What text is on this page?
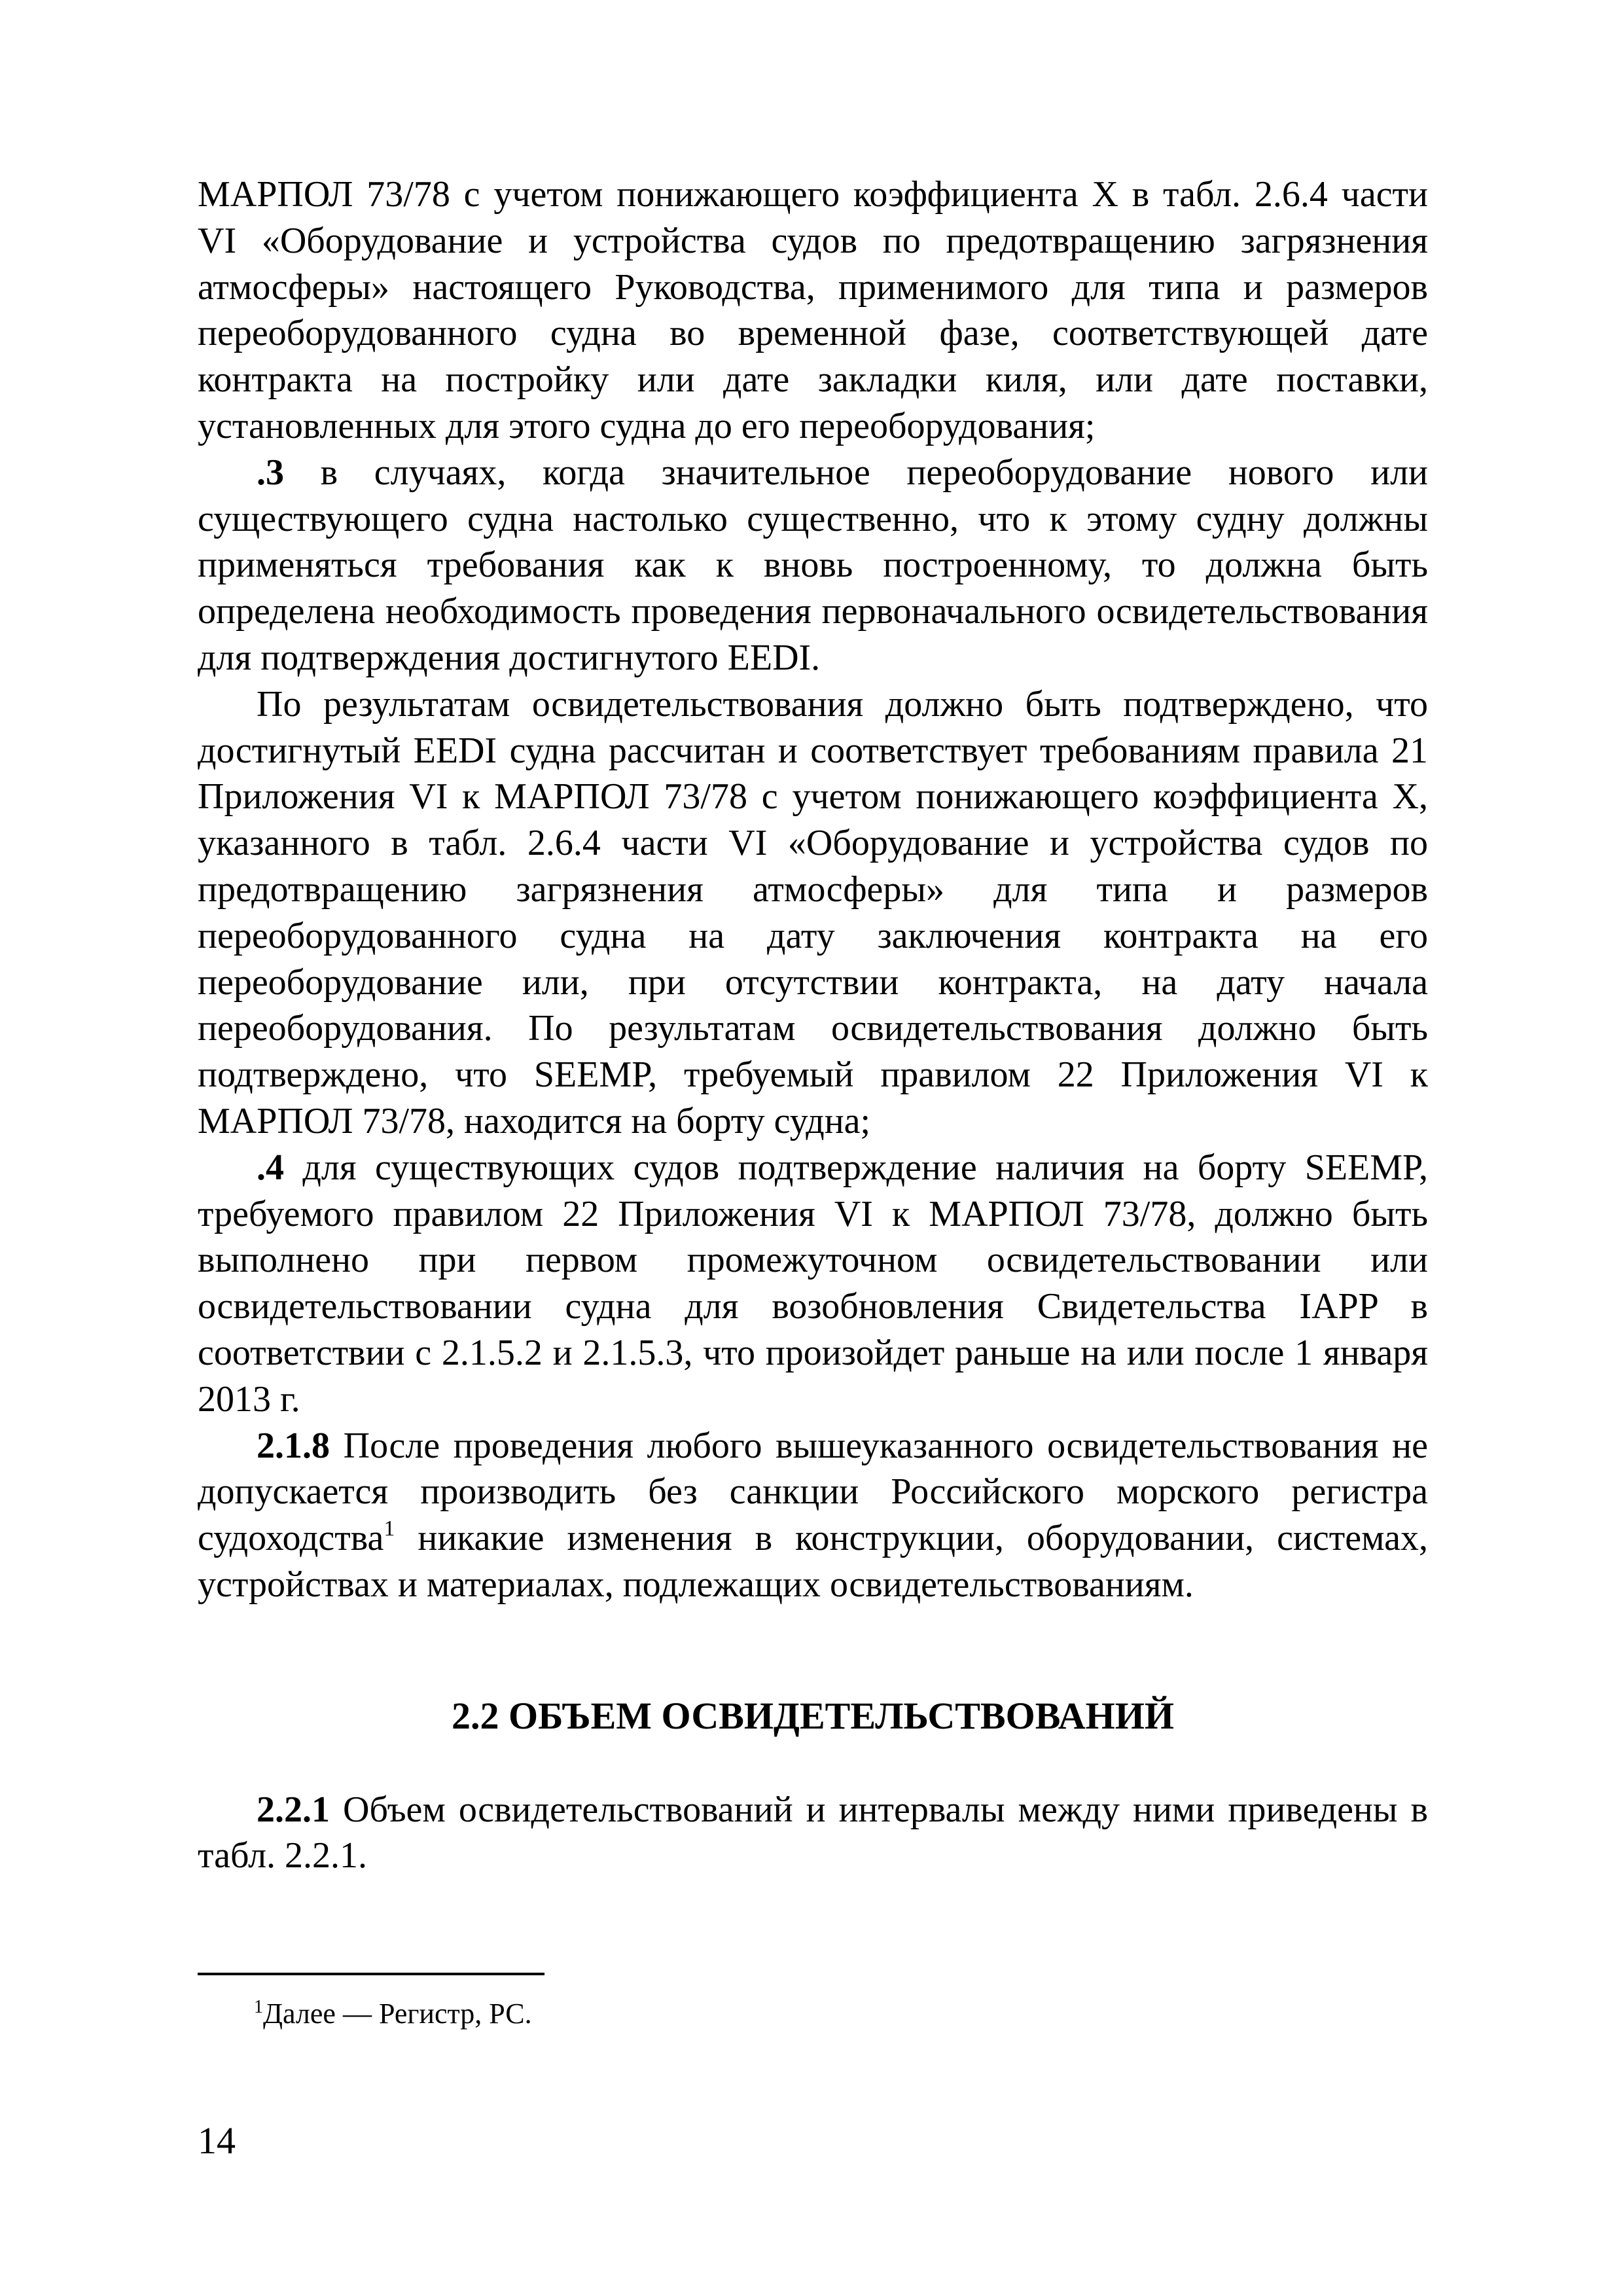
МАРПОЛ 73/78 с учетом понижающего коэффициента X в табл. 2.6.4 части VI «Оборудование и устройства судов по предотвращению загрязнения атмосферы» настоящего Руководства, применимого для типа и размеров переоборудованного судна во временной фазе, соответствующей дате контракта на постройку или дате закладки киля, или дате поставки, установленных для этого судна до его переоборудования;

.3 в случаях, когда значительное переоборудование нового или существующего судна настолько существенно, что к этому судну должны применяться требования как к вновь построенному, то должна быть определена необходимость проведения первоначального освидетельствования для подтверждения достигнутого EEDI.

По результатам освидетельствования должно быть подтверждено, что достигнутый EEDI судна рассчитан и соответствует требованиям правила 21 Приложения VI к МАРПОЛ 73/78 с учетом понижающего коэффициента X, указанного в табл. 2.6.4 части VI «Оборудование и устройства судов по предотвращению загрязнения атмосферы» для типа и размеров переоборудованного судна на дату заключения контракта на его переоборудование или, при отсутствии контракта, на дату начала переоборудования. По результатам освидетельствования должно быть подтверждено, что SEEMP, требуемый правилом 22 Приложения VI к МАРПОЛ 73/78, находится на борту судна;

.4 для существующих судов подтверждение наличия на борту SEEMP, требуемого правилом 22 Приложения VI к МАРПОЛ 73/78, должно быть выполнено при первом промежуточном освидетельствовании или освидетельствовании судна для возобновления Свидетельства IAPP в соответствии с 2.1.5.2 и 2.1.5.3, что произойдет раньше на или после 1 января 2013 г.

2.1.8 После проведения любого вышеуказанного освидетельствования не допускается производить без санкции Российского морского регистра судоходства$^1$ никакие изменения в конструкции, оборудовании, системах, устройствах и материалах, подлежащих освидетельствованиям.

2.2 ОБЪЕМ ОСВИДЕТЕЛЬСТВОВАНИЙ

2.2.1 Объем освидетельствований и интервалы между ними приведены в табл. 2.2.1.

$^1$Далее — Регистр, РС.
14
